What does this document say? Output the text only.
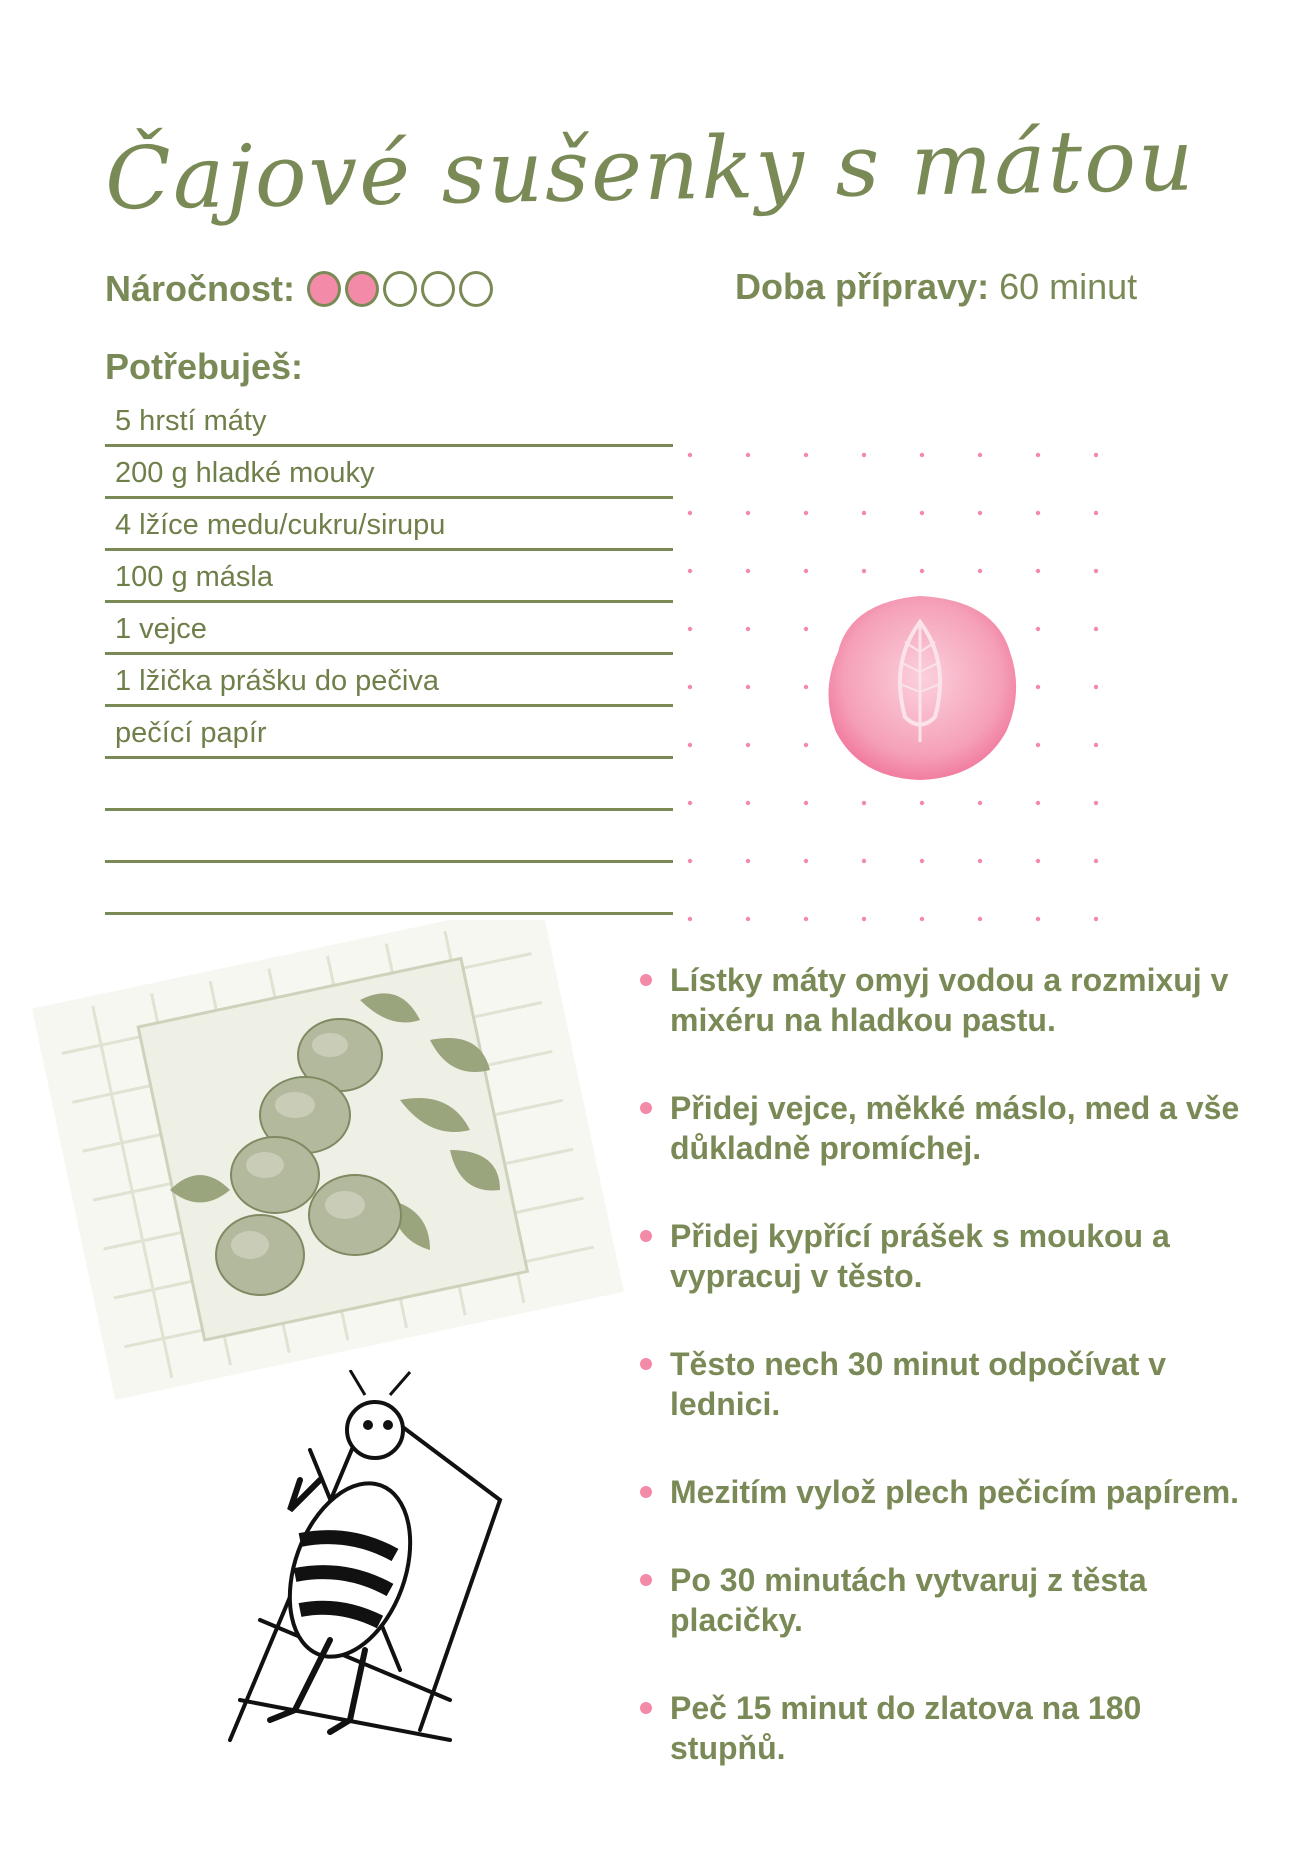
Čajové sušenky s mátou
Náročnost:	Doba přípravy: 60 minut
Potřebuješ:
5 hrstí máty
200 g hladké mouky
4 lžíce medu/cukru/sirupu
100 g másla
1 vejce
1 lžička prášku do pečiva
pečící papír
Lístky máty omyj vodou a rozmixuj v mixéru na hladkou pastu.
Přidej vejce, měkké máslo, med a vše důkladně promíchej.
Přidej kypřící prášek s moukou a vypracuj v těsto.
Těsto nech 30 minut odpočívat v lednici.
Mezitím vylož plech pečicím papírem.
Po 30 minutách vytvaruj z těsta placičky.
Peč 15 minut do zlatova na 180 stupňů.
